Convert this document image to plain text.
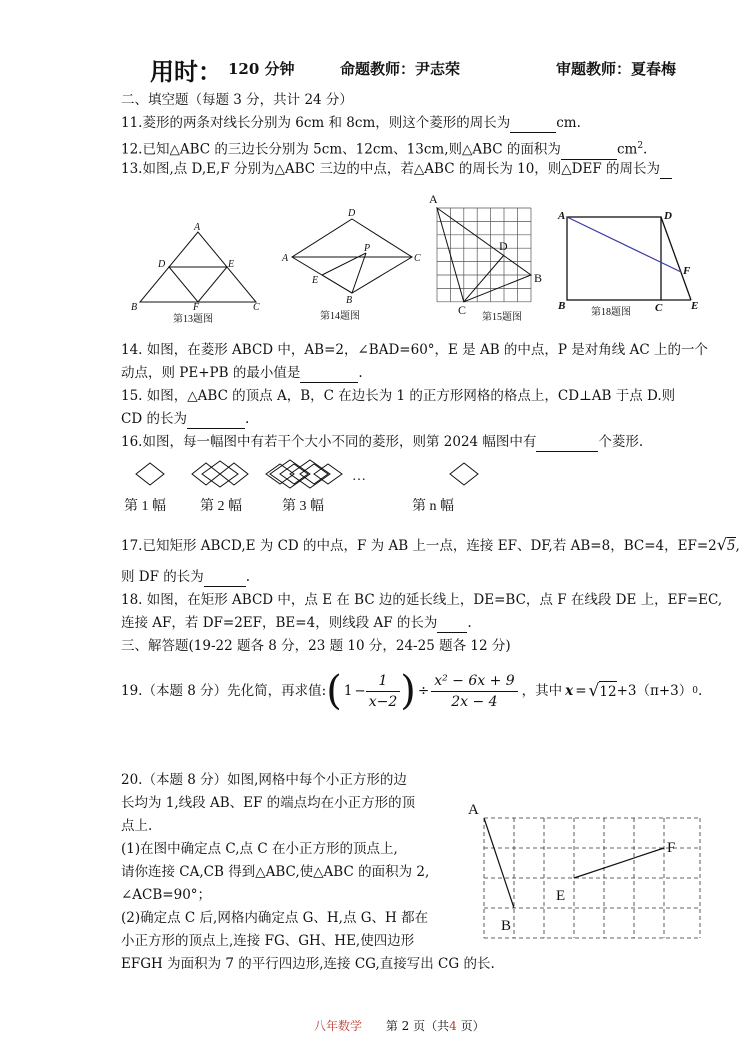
用时： 120 分钟	命题教师：尹志荣	审题教师：夏春梅
二、填空题（每题 3 分，共计 24 分）
11.菱形的两条对线长分别为 6cm 和 8cm，则这个菱形的周长为	cm.
12.已知△ABC 的三边长分别为 5cm、12cm、13cm,则△ABC 的面积为	$cm^2$.
13.如图,点 D,E,F 分别为△ABC 三边的中点，若△ABC 的周长为 10，则△DEF 的周长为
A
D	E
B	F	C
第13题图
D
A	C
P
E
B
第14题图
A
D
B
C
第15题图
A	D
F
B	C	E
第18题图
14. 如图，在菱形 ABCD 中，AB=2，∠BAD=60°，E 是 AB 的中点，P 是对角线 AC 上的一个
动点，则 PE+PB 的最小值是	.
15. 如图，△ABC 的顶点 A，B，C 在边长为 1 的正方形网格的格点上，CD⊥AB 于点 D.则
CD 的长为	.
16.如图，每一幅图中有若干个大小不同的菱形，则第 2024 幅图中有	个菱形.
…
第 1 幅 第 2 幅	第 3 幅	第 n 幅
17.已知矩形 ABCD,E 为 CD 的中点，F 为 AB 上一点，连接 EF、DF,若 AB=8，BC=4，EF=2√5,
则 DF 的长为	.
18. 如图，在矩形 ABCD 中，点 E 在 BC 边的延长线上，DE=BC，点 F 在线段 DE 上，EF=EC,
连接 AF，若 DF=2EF，BE=4，则线段 AF 的长为 .
三、解答题(19-22 题各 8 分，23 题 10 分，24-25 题各 12 分)
19.（本题 8 分）先化简，再求值: ( $1 - \frac{1}{x-2}$ ) ÷ $\frac{\text{x² − 6x + 9}}{2x - 4}$ ，其中 x = √ 12 +3（π+3） 0 .
20.（本题 8 分）如图,网格中每个小正方形的边
长均为 1,线段 AB、EF 的端点均在小正方形的顶
点上.
(1)在图中确定点 C,点 C 在小正方形的顶点上,
请你连接 CA,CB 得到△ABC,使△ABC 的面积为 2,
∠ACB=90°；
(2)确定点 C 后,网格内确定点 G、H,点 G、H 都在
小正方形的顶点上,连接 FG、GH、HE,使四边形
EFGH 为面积为 7 的平行四边形,连接 CG,直接写出 CG 的长.
A
B
E
F
八年数学 第 2 页（共4 页）
